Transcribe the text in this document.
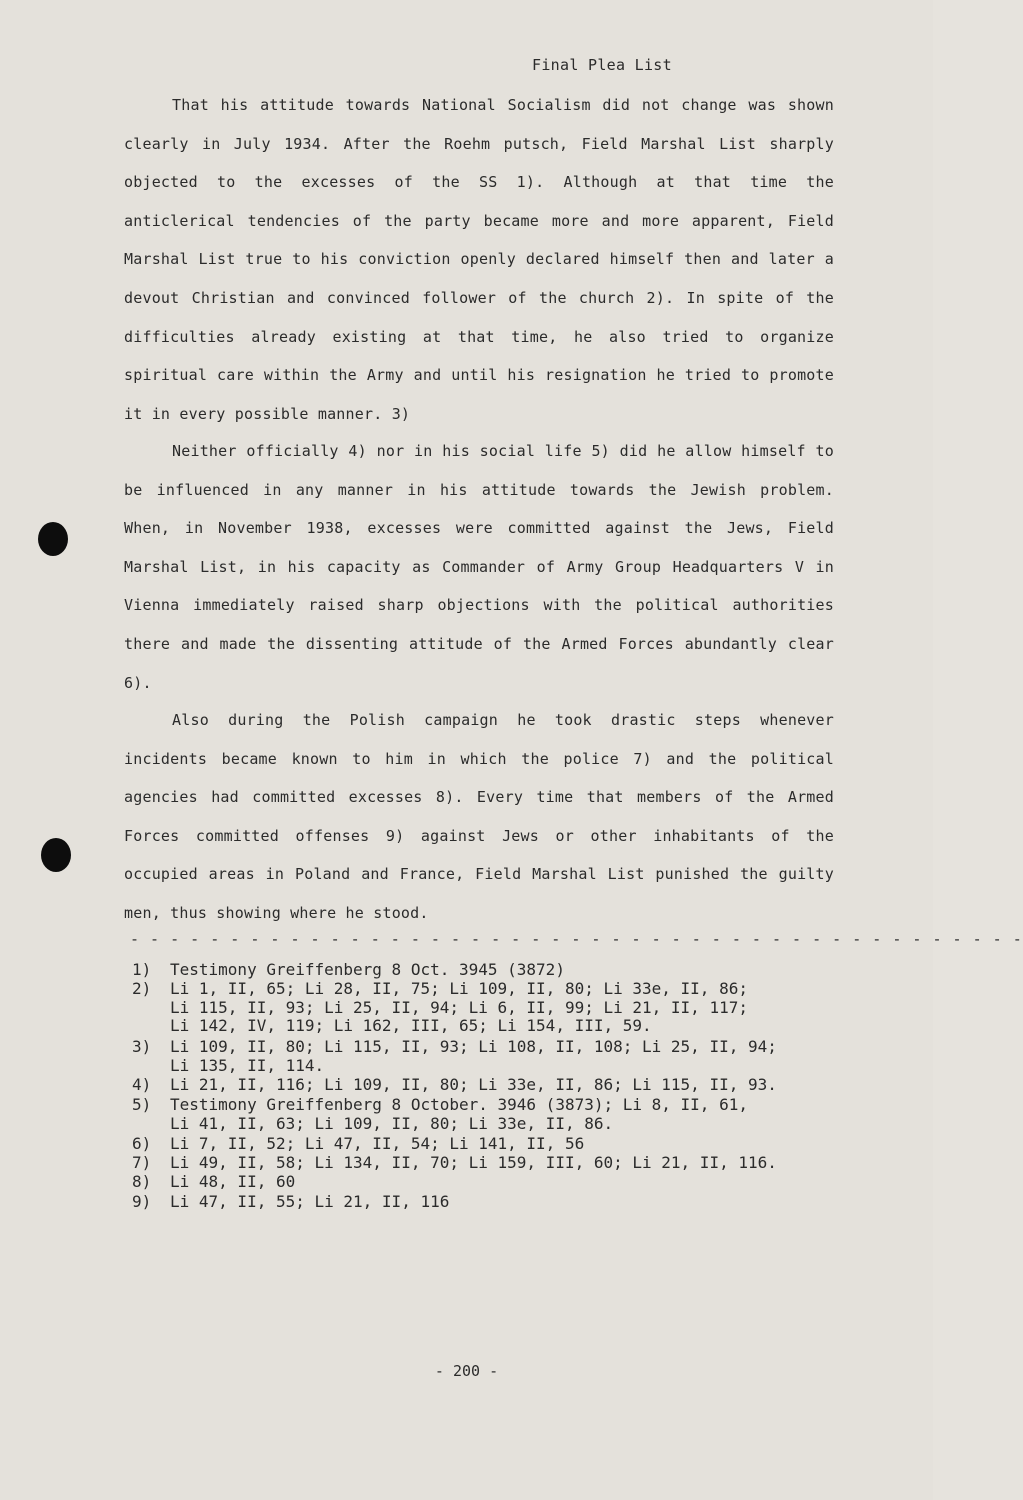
Final Plea List

That his attitude towards National Socialism did not change was shown clearly in July 1934. After the Roehm putsch, Field Marshal List sharply objected to the excesses of the SS 1). Although at that time the anticlerical tendencies of the party became more and more apparent, Field Marshal List true to his conviction openly declared himself then and later a devout Christian and convinced follower of the church 2). In spite of the difficulties already existing at that time, he also tried to organize spiritual care within the Army and until his resignation he tried to promote it in every possible manner. 3)

Neither officially 4) nor in his social life 5) did he allow himself to be influenced in any manner in his attitude towards the Jewish problem. When, in November 1938, excesses were committed against the Jews, Field Marshal List, in his capacity as Commander of Army Group Headquarters V in Vienna immediately raised sharp objections with the political authorities there and made the dissenting attitude of the Armed Forces abundantly clear 6).

Also during the Polish campaign he took drastic steps whenever incidents became known to him in which the police 7) and the political agencies had committed excesses 8). Every time that members of the Armed Forces committed offenses 9) against Jews or other inhabitants of the occupied areas in Poland and France, Field Marshal List punished the guilty men, thus showing where he stood.

- - - - - - - - - - - - - - - - - - - - - - - - - - - - - - - - - - - - - - - - - - - - -
1)	Testimony Greiffenberg 8 Oct. 3945 (3872)
2)	Li 1, II, 65; Li 28, II, 75; Li 109, II, 80; Li 33e, II, 86;
Li 115, II, 93; Li 25, II, 94; Li 6, II, 99; Li 21, II, 117;
Li 142, IV, 119; Li 162, III, 65; Li 154, III, 59.
3)	Li 109, II, 80; Li 115, II, 93; Li 108, II, 108; Li 25, II, 94;
Li 135, II, 114.
4)	Li 21, II, 116; Li 109, II, 80; Li 33e, II, 86; Li 115, II, 93.
5)	Testimony Greiffenberg 8 October. 3946 (3873); Li 8, II, 61,
Li 41, II, 63; Li 109, II, 80; Li 33e, II, 86.
6)	Li 7, II, 52; Li 47, II, 54; Li 141, II, 56
7)	Li 49, II, 58; Li 134, II, 70; Li 159, III, 60; Li 21, II, 116.
8)	Li 48, II, 60
9)	Li 47, II, 55; Li 21, II, 116
- 200 -
